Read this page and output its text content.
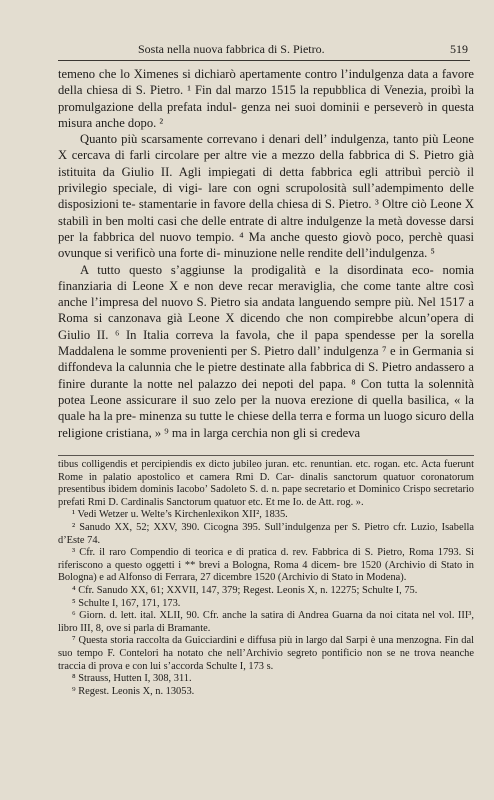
Sosta nella nuova fabbrica di S. Pietro.	519

temeno che lo Ximenes si dichiarò apertamente contro l’indulgenza data a favore della chiesa di S. Pietro. ¹ Fin dal marzo 1515 la repubblica di Venezia, proibì la promulgazione della prefata indul- genza nei suoi dominii e perseverò in questa misura anche dopo. ²

Quanto più scarsamente correvano i denari dell’ indulgenza, tanto più Leone X cercava di farli circolare per altre vie a mezzo della fabbrica di S. Pietro già istituita da Giulio II. Agli impiegati di detta fabbrica egli attribuì perciò il privilegio speciale, di vigi- lare con ogni scrupolosità sull’adempimento delle disposizioni te- stamentarie in favore della chiesa di S. Pietro. ³ Oltre ciò Leone X stabilì in ben molti casi che delle entrate di altre indulgenze la metà dovesse darsi per la fabbrica del nuovo tempio. ⁴ Ma anche questo giovò poco, perchè quasi ovunque si verificò una forte di- minuzione nelle rendite dell’indulgenza. ⁵

A tutto questo s’aggiunse la prodigalità e la disordinata eco- nomia finanziaria di Leone X e non deve recar meraviglia, che come tante altre così anche l’impresa del nuovo S. Pietro sia andata languendo sempre più. Nel 1517 a Roma si canzonava già Leone X dicendo che non compirebbe alcun’opera di Giulio II. ⁶ In Italia correva la favola, che il papa spendesse per la sorella Maddalena le somme provenienti per S. Pietro dall’ indulgenza ⁷ e in Germania si diffondeva la calunnia che le pietre destinate alla fabbrica di S. Pietro andassero a finire durante la notte nel palazzo dei nepoti del papa. ⁸ Con tutta la solennità potea Leone assicurare il suo zelo per la nuova erezione di quella basilica, « la quale ha la pre- minenza su tutte le chiese della terra e forma un luogo sicuro della religione cristiana, » ⁹ ma in larga cerchia non gli si credeva

tibus colligendis et percipiendis ex dicto jubileo juran. etc. renuntian. etc. rogan. etc. Acta fuerunt Rome in palatio apostolico et camera Rmi D. Car- dinalis sanctorum quatuor coronatorum presentibus ibidem dominis Iacobo’ Sadoleto S. d. n. pape secretario et Dominico Crispo secretario prefati Rmi D. Cardinalis Sanctorum quatuor etc. Et me Io. de Att. rog. ».

¹ Vedi Wetzer u. Welte’s Kirchenlexikon XII², 1835.

² Sanudo XX, 52; XXV, 390. Cicogna 395. Sull’indulgenza per S. Pietro cfr. Luzio, Isabella d’Este 74.

³ Cfr. il raro Compendio di teorica e di pratica d. rev. Fabbrica di S. Pietro, Roma 1793. Si riferiscono a questo oggetti i ** brevi a Bologna, Roma 4 dicem- bre 1520 (Archivio di Stato in Bologna) e ad Alfonso di Ferrara, 27 dicembre 1520 (Archivio di Stato in Modena).

⁴ Cfr. Sanudo XX, 61; XXVII, 147, 379; Regest. Leonis X, n. 12275; Schulte I, 75.

⁵ Schulte I, 167, 171, 173.

⁶ Giorn. d. lett. ital. XLII, 90. Cfr. anche la satira di Andrea Guarna da noi citata nel vol. III³, libro III, 8, ove si parla di Bramante.

⁷ Questa storia raccolta da Guicciardini e diffusa più in largo dal Sarpi è una menzogna. Fin dal suo tempo F. Contelori ha notato che nell’Archivio segreto pontificio non se ne trova neanche traccia di prova e con lui s’accorda Schulte I, 173 s.

⁸ Strauss, Hutten I, 308, 311.

⁹ Regest. Leonis X, n. 13053.
